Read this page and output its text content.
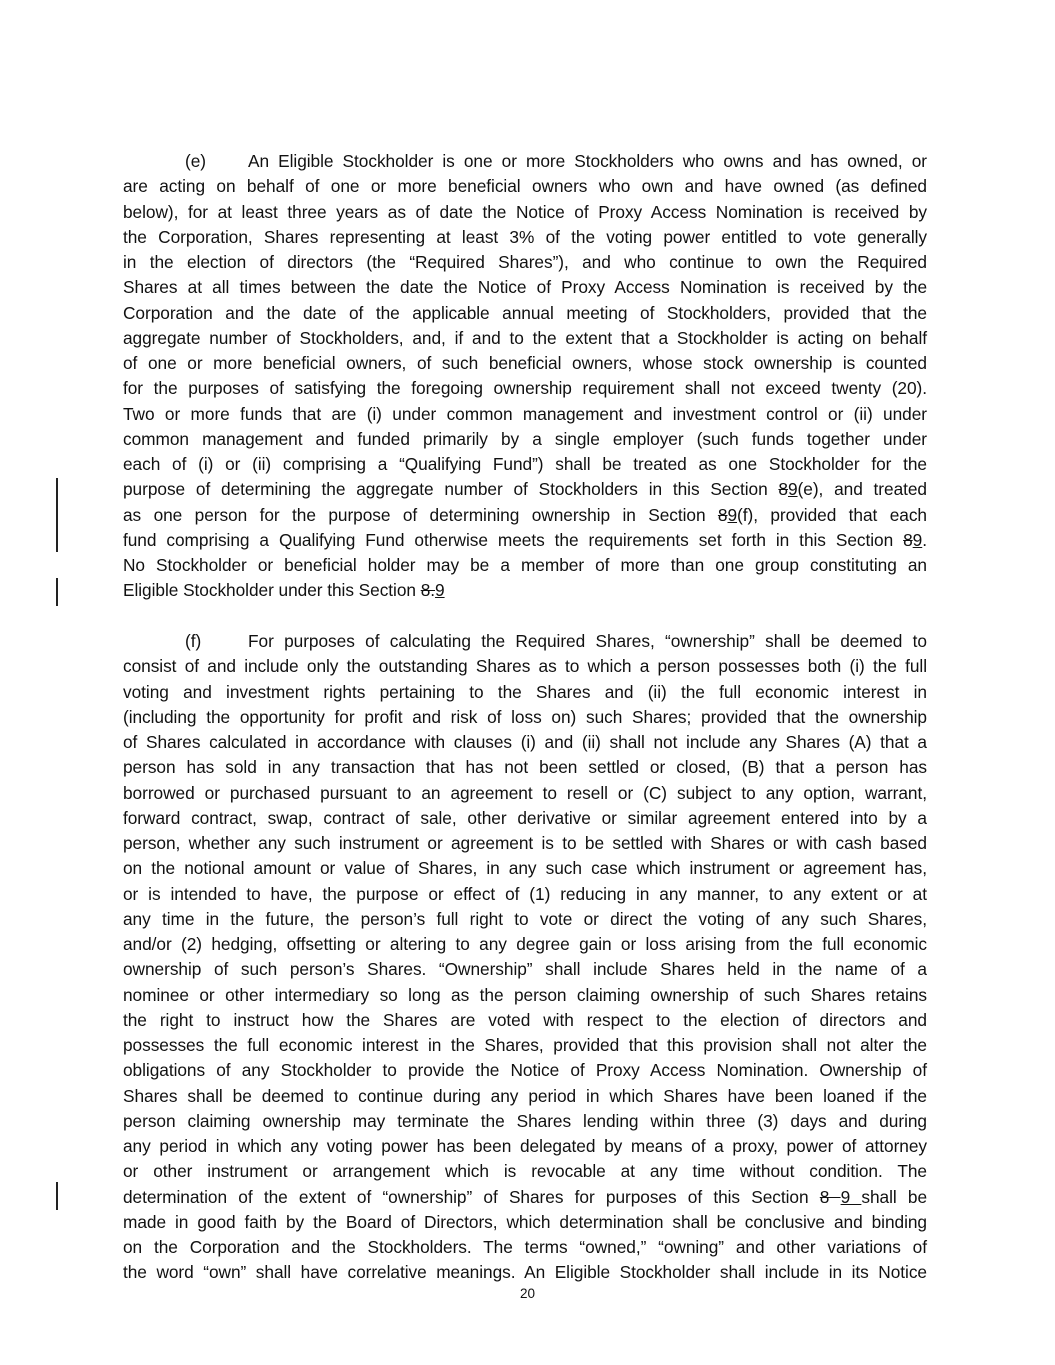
(e) An Eligible Stockholder is one or more Stockholders who owns and has owned, or
are acting on behalf of one or more beneficial owners who own and have owned (as defined
below), for at least three years as of date the Notice of Proxy Access Nomination is received by
the Corporation, Shares representing at least 3% of the voting power entitled to vote generally
in the election of directors (the “Required Shares”), and who continue to own the Required
Shares at all times between the date the Notice of Proxy Access Nomination is received by the
Corporation and the date of the applicable annual meeting of Stockholders, provided that the
aggregate number of Stockholders, and, if and to the extent that a Stockholder is acting on behalf
of one or more beneficial owners, of such beneficial owners, whose stock ownership is counted
for the purposes of satisfying the foregoing ownership requirement shall not exceed twenty (20).
Two or more funds that are (i) under common management and investment control or (ii) under
common management and funded primarily by a single employer (such funds together under
each of (i) or (ii) comprising a “Qualifying Fund”) shall be treated as one Stockholder for the
purpose of determining the aggregate number of Stockholders in this Section 89(e), and treated
as one person for the purpose of determining ownership in Section 89(f), provided that each
fund comprising a Qualifying Fund otherwise meets the requirements set forth in this Section 89.
No Stockholder or beneficial holder may be a member of more than one group constituting an
Eligible Stockholder under this Section 8.9
(f)	For purposes of calculating the Required Shares, “ownership” shall be deemed to
consist of and include only the outstanding Shares as to which a person possesses both (i) the full
voting and investment rights pertaining to the Shares and (ii) the full economic interest in
(including the opportunity for profit and risk of loss on) such Shares; provided that the ownership
of Shares calculated in accordance with clauses (i) and (ii) shall not include any Shares (A) that a
person has sold in any transaction that has not been settled or closed, (B) that a person has
borrowed or purchased pursuant to an agreement to resell or (C) subject to any option, warrant,
forward contract, swap, contract of sale, other derivative or similar agreement entered into by a
person, whether any such instrument or agreement is to be settled with Shares or with cash based
on the notional amount or value of Shares, in any such case which instrument or agreement has,
or is intended to have, the purpose or effect of (1) reducing in any manner, to any extent or at
any time in the future, the person’s full right to vote or direct the voting of any such Shares,
and/or (2) hedging, offsetting or altering to any degree gain or loss arising from the full economic
ownership of such person’s Shares. “Ownership” shall include Shares held in the name of a
nominee or other intermediary so long as the person claiming ownership of such Shares retains
the right to instruct how the Shares are voted with respect to the election of directors and
possesses the full economic interest in the Shares, provided that this provision shall not alter the
obligations of any Stockholder to provide the Notice of Proxy Access Nomination. Ownership of
Shares shall be deemed to continue during any period in which Shares have been loaned if the
person claiming ownership may terminate the Shares lending within three (3) days and during
any period in which any voting power has been delegated by means of a proxy, power of attorney
or other instrument or arrangement which is revocable at any time without condition. The
determination of the extent of “ownership” of Shares for purposes of this Section 8 9 shall be
made in good faith by the Board of Directors, which determination shall be conclusive and binding
on the Corporation and the Stockholders. The terms “owned,” “owning” and other variations of
the word “own” shall have correlative meanings. An Eligible Stockholder shall include in its Notice
20
